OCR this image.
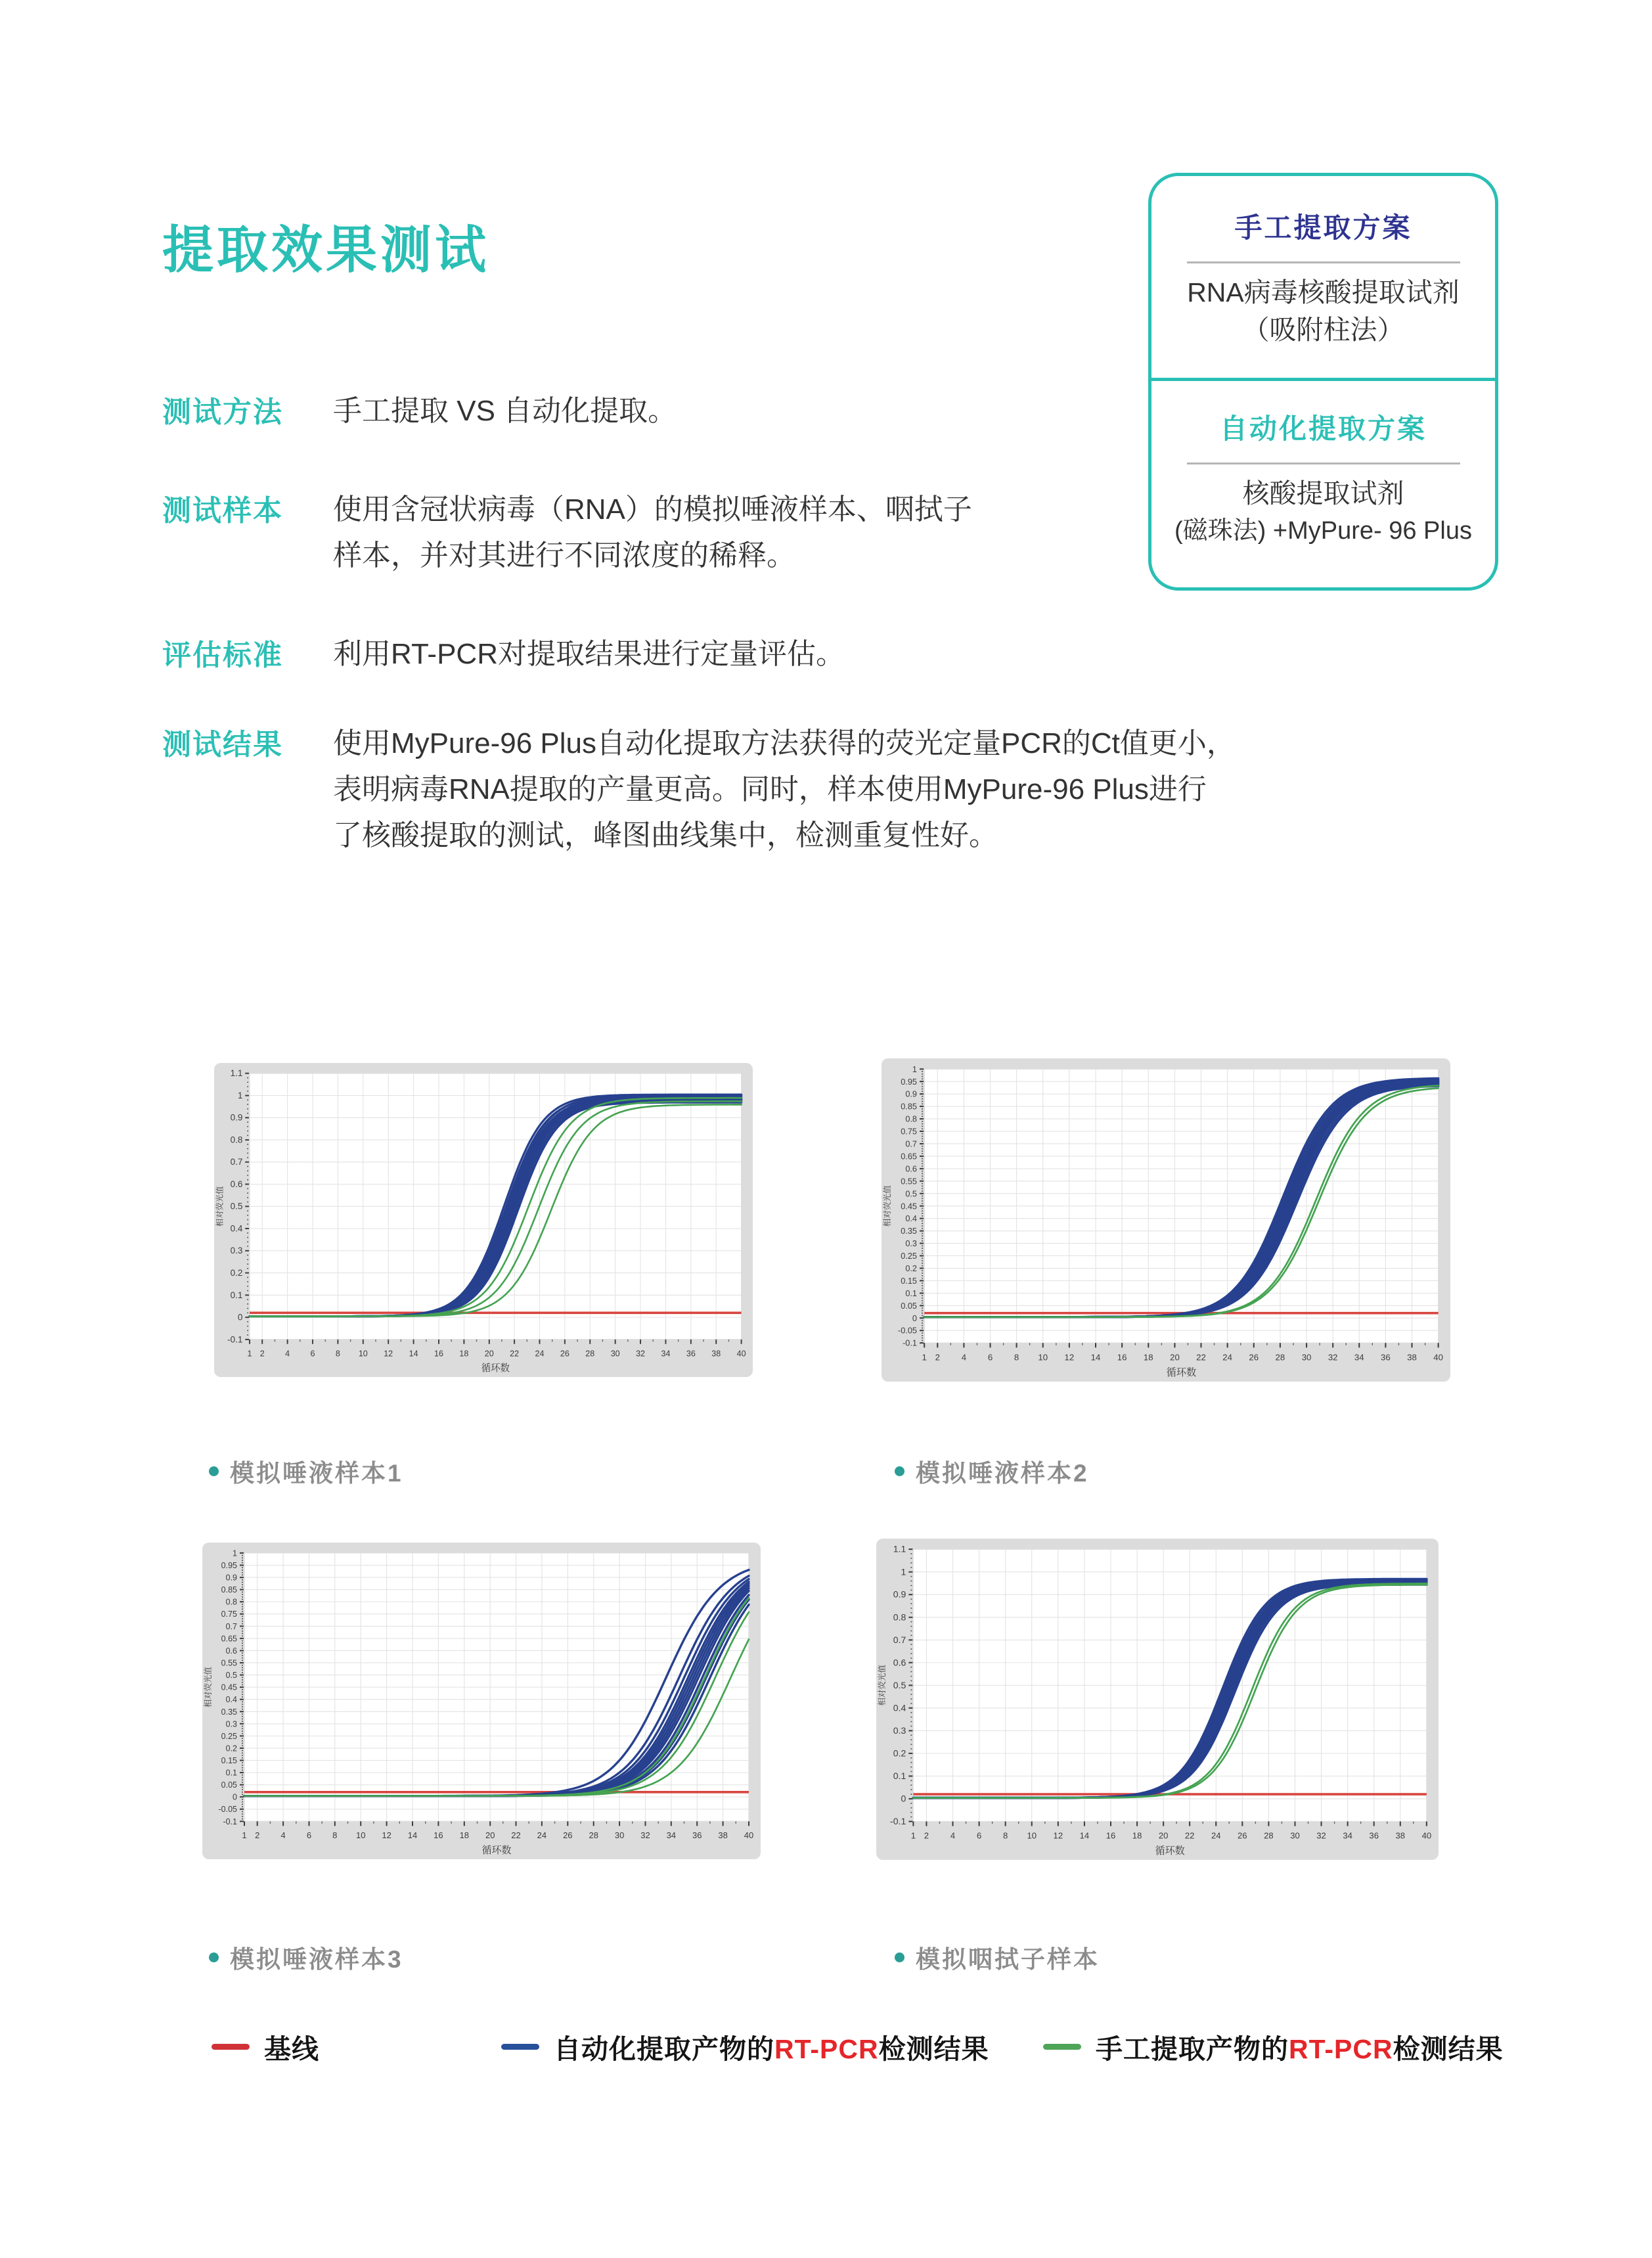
提取效果测试	手工提取方案
RNA病毒核酸提取试剂
（吸附柱法）
自动化提取方案
核酸提取试剂
(磁珠法) +MyPure- 96 Plus
测试方法	手工提取 VS 自动化提取。
测试样本	使用含冠状病毒（RNA）的模拟唾液样本、咽拭子
样本，并对其进行不同浓度的稀释。
评估标准	利用RT-PCR对提取结果进行定量评估。
测试结果	使用MyPure-96 Plus自动化提取方法获得的荧光定量PCR的Ct值更小，
表明病毒RNA提取的产量更高。同时，样本使用MyPure-96 Plus进行
了核酸提取的测试，峰图曲线集中，检测重复性好。
-0.1
0
0.1
0.2
0.3
0.4
0.5
0.6
0.7
0.8
0.9
1
1.1
1 2 4 6 8 10 12 14 16 18 20 22 24 26 28 30 32 34 36 38 40
循环数
相对荧光值
-0.1
-0.05
0
0.05
0.1
0.15
0.2
0.25
0.3
0.35
0.4
0.45
0.5
0.55
0.6
0.65
0.7
0.75
0.8
0.85
0.9
0.95
1
1 2	4	6	8 10 12 14 16 18 20 22 24 26 28 30 32 34 36 38 40
循环数
相对荧光值
-0.1
-0.05
0
0.05
0.1
0.15
0.2
0.25
0.3
0.35
0.4
0.45
0.5
0.55
0.6
0.65
0.7
0.75
0.8
0.85
0.9
0.95
1
1 2 4 6 8 10 12 14 16 18 20 22 24 26 28 30 32 34 36 38 40
循环数
相对荧光值
-0.1
0
0.1
0.2
0.3
0.4
0.5
0.6
0.7
0.8
0.9
1
1.1
1 2	4	6	8 10 12 14 16 18 20 22 24 26 28 30 32 34 36 38 40
循环数
相对荧光值
模拟唾液样本1	模拟唾液样本2
模拟唾液样本3	模拟咽拭子样本
基线	自动化提取产物的RT-PCR检测结果	手工提取产物的RT-PCR检测结果
